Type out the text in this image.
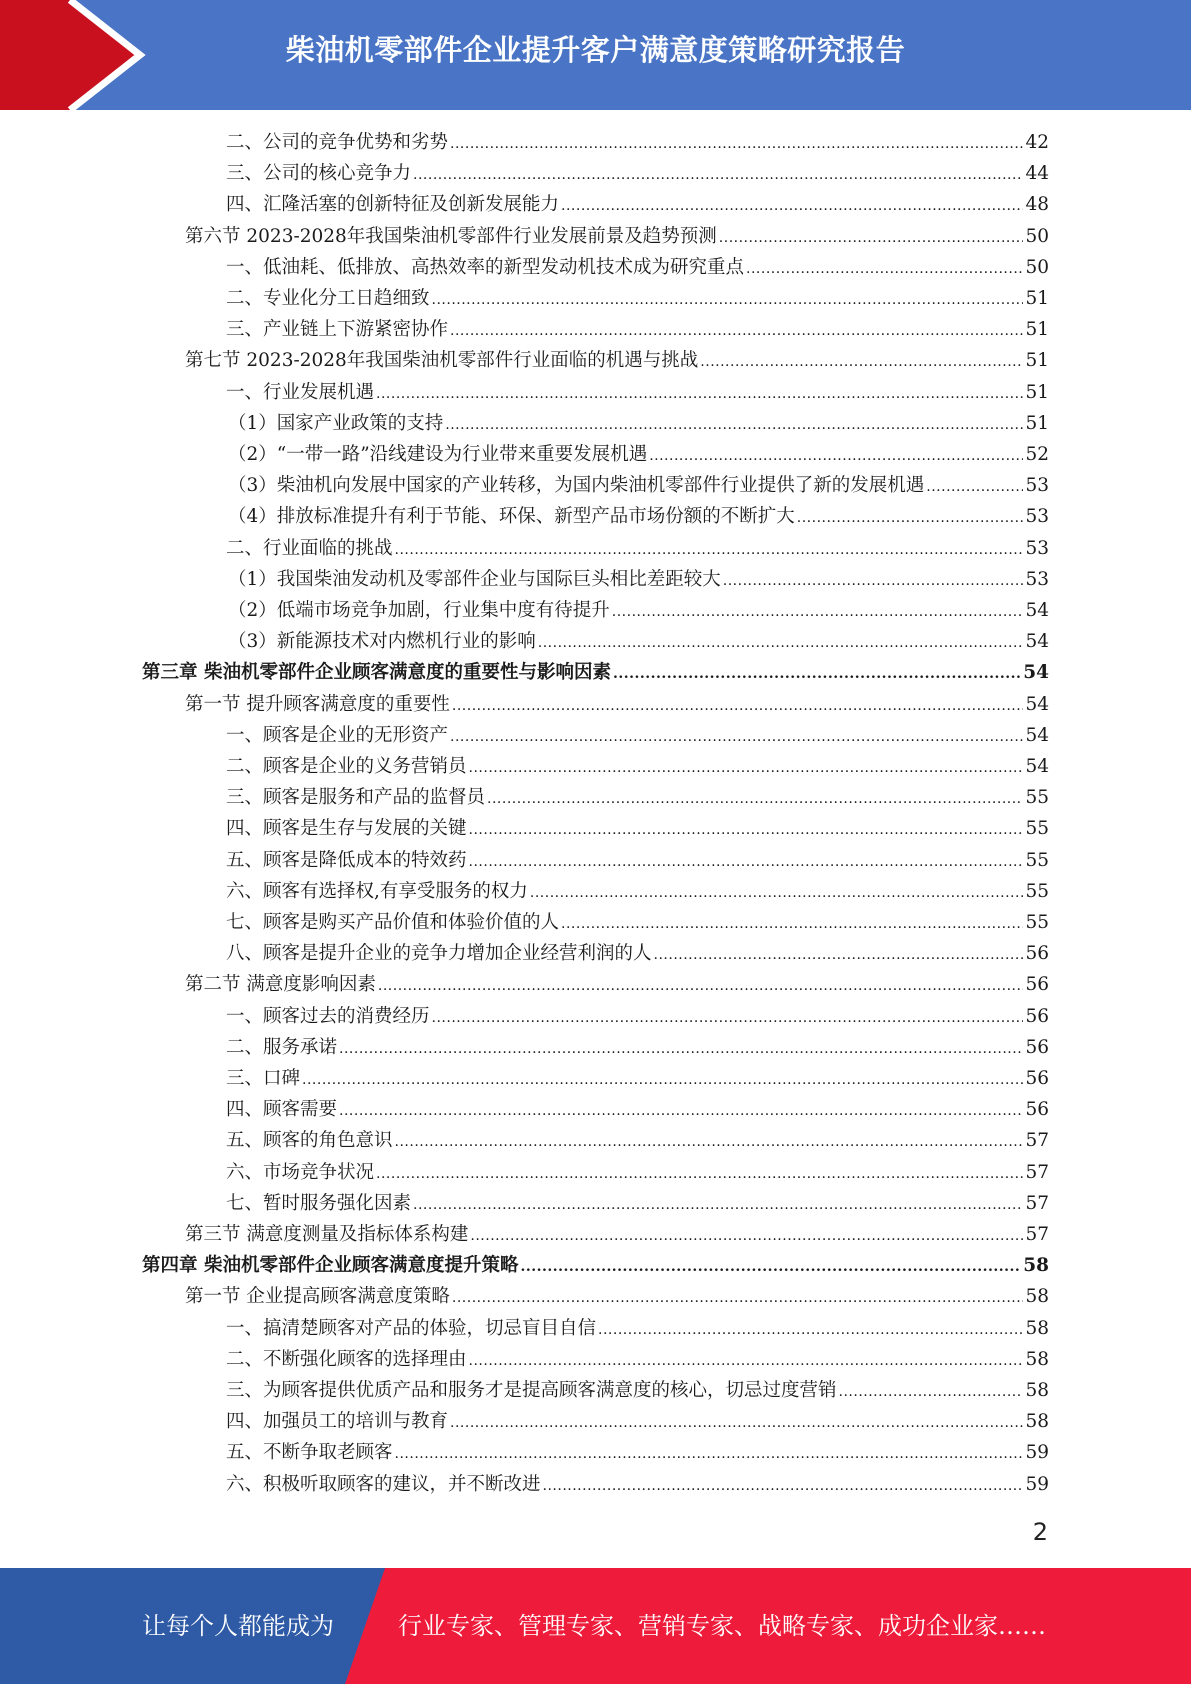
柴油机零部件企业提升客户满意度策略研究报告
二、公司的竞争优势和劣势 .....	42
三、公司的核心竞争力 .....	44
四、汇隆活塞的创新特征及创新发展能力 .....	48
第六节 2023-2028年我国柴油机零部件行业发展前景及趋势预测 .....	50
一、低油耗、低排放、高热效率的新型发动机技术成为研究重点 .....	50
二、专业化分工日趋细致 .....	51
三、产业链上下游紧密协作 .....	51
第七节 2023-2028年我国柴油机零部件行业面临的机遇与挑战 .....	51
一、行业发展机遇 .....	51
（1）国家产业政策的支持 .....	51
（2）“一带一路”沿线建设为行业带来重要发展机遇 .....	52
（3）柴油机向发展中国家的产业转移，为国内柴油机零部件行业提供了新的发展机遇 .....	53
（4）排放标准提升有利于节能、环保、新型产品市场份额的不断扩大 .....	53
二、行业面临的挑战 .....	53
（1）我国柴油发动机及零部件企业与国际巨头相比差距较大 .....	53
（2）低端市场竞争加剧，行业集中度有待提升 .....	54
（3）新能源技术对内燃机行业的影响 .....	54
第三章 柴油机零部件企业顾客满意度的重要性与影响因素 .....	54
第一节 提升顾客满意度的重要性 .....	54
一、顾客是企业的无形资产 .....	54
二、顾客是企业的义务营销员 .....	54
三、顾客是服务和产品的监督员 .....	55
四、顾客是生存与发展的关键 .....	55
五、顾客是降低成本的特效药 .....	55
六、顾客有选择权,有享受服务的权力 .....	55
七、顾客是购买产品价值和体验价值的人 .....	55
八、顾客是提升企业的竞争力增加企业经营利润的人 .....	56
第二节 满意度影响因素 .....	56
一、顾客过去的消费经历 .....	56
二、服务承诺 .....	56
三、口碑 .....	56
四、顾客需要 .....	56
五、顾客的角色意识 .....	57
六、市场竞争状况 .....	57
七、暂时服务强化因素 .....	57
第三节 满意度测量及指标体系构建 .....	57
第四章 柴油机零部件企业顾客满意度提升策略 .....	58
第一节 企业提高顾客满意度策略 .....	58
一、搞清楚顾客对产品的体验，切忌盲目自信 .....	58
二、不断强化顾客的选择理由 .....	58
三、为顾客提供优质产品和服务才是提高顾客满意度的核心，切忌过度营销 .....	58
四、加强员工的培训与教育 .....	58
五、不断争取老顾客 .....	59
六、积极听取顾客的建议，并不断改进 .....	59
2
让每个人都能成为	行业专家、管理专家、营销专家、战略专家、成功企业家……
